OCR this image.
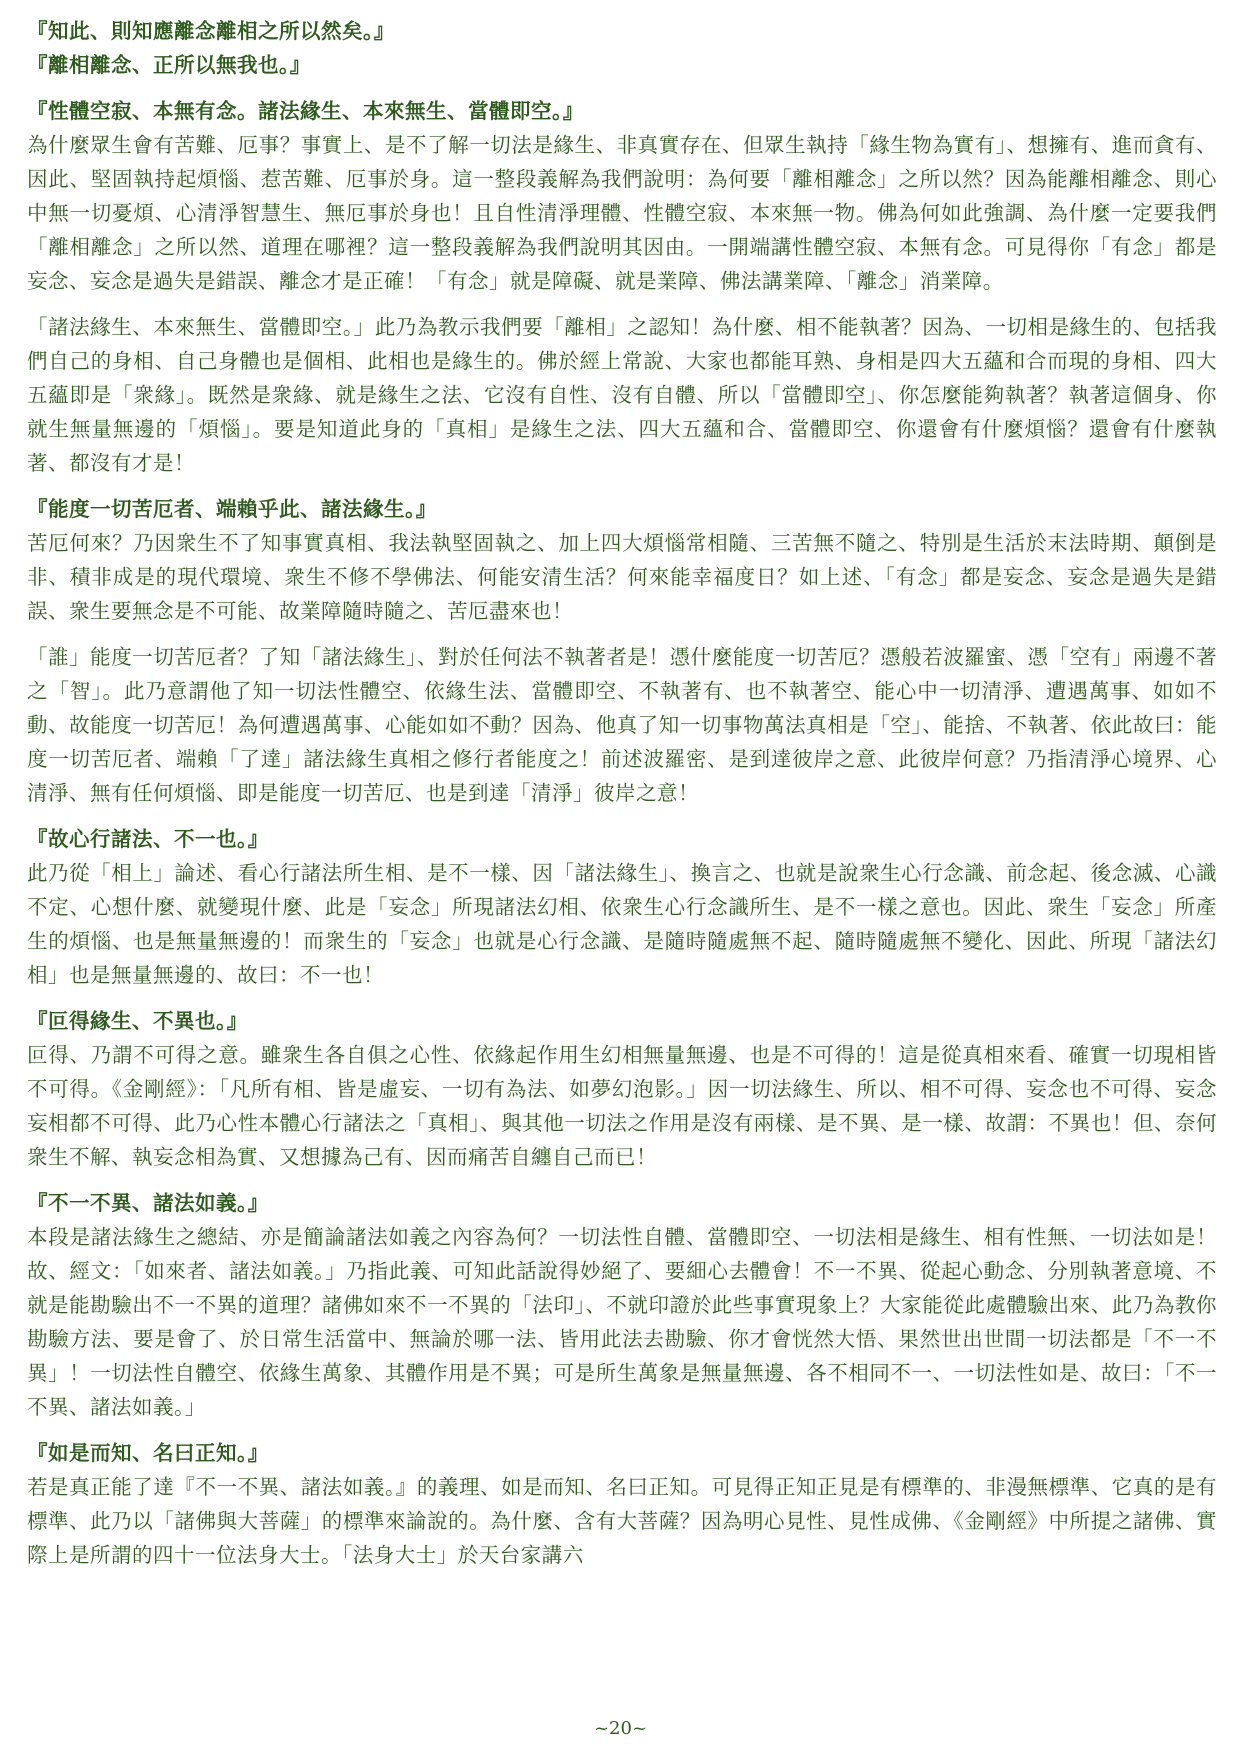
『知此、則知應離念離相之所以然矣。』
『離相離念、正所以無我也。』
『性體空寂、本無有念。諸法緣生、本來無生、當體即空。』

為什麼眾生會有苦難、厄事？事實上、是不了解一切法是緣生、非真實存在、但眾生執持「緣生物為實有」、想擁有、進而貪有、因此、堅固執持起煩惱、惹苦難、厄事於身。這一整段義解為我們說明：為何要「離相離念」之所以然？因為能離相離念、則心中無一切憂煩、心清淨智慧生、無厄事於身也！且自性清淨理體、性體空寂、本來無一物。佛為何如此強調、為什麼一定要我們「離相離念」之所以然、道理在哪裡？這一整段義解為我們說明其因由。一開端講性體空寂、本無有念。可見得你「有念」都是妄念、妄念是過失是錯誤、離念才是正確！「有念」就是障礙、就是業障、佛法講業障、「離念」消業障。

「諸法緣生、本來無生、當體即空。」此乃為教示我們要「離相」之認知！為什麼、相不能執著？因為、一切相是緣生的、包括我們自己的身相、自己身體也是個相、此相也是緣生的。佛於經上常說、大家也都能耳熟、身相是四大五蘊和合而現的身相、四大五蘊即是「衆緣」。既然是衆緣、就是緣生之法、它沒有自性、沒有自體、所以「當體即空」、你怎麼能夠執著？執著這個身、你就生無量無邊的「煩惱」。要是知道此身的「真相」是緣生之法、四大五蘊和合、當體即空、你還會有什麼煩惱？還會有什麼執著、都沒有才是！

『能度一切苦厄者、端賴乎此、諸法緣生。』

苦厄何來？乃因衆生不了知事實真相、我法執堅固執之、加上四大煩惱常相隨、三苦無不隨之、特別是生活於末法時期、顛倒是非、積非成是的現代環境、衆生不修不學佛法、何能安清生活？何來能幸福度日？如上述、「有念」都是妄念、妄念是過失是錯誤、衆生要無念是不可能、故業障隨時隨之、苦厄盡來也！

「誰」能度一切苦厄者？了知「諸法緣生」、對於任何法不執著者是！憑什麼能度一切苦厄？憑般若波羅蜜、憑「空有」兩邊不著之「智」。此乃意謂他了知一切法性體空、依緣生法、當體即空、不執著有、也不執著空、能心中一切清淨、遭遇萬事、如如不動、故能度一切苦厄！為何遭遇萬事、心能如如不動？因為、他真了知一切事物萬法真相是「空」、能捨、不執著、依此故曰：能度一切苦厄者、端賴「了達」諸法緣生真相之修行者能度之！前述波羅密、是到達彼岸之意、此彼岸何意？乃指清淨心境界、心清淨、無有任何煩惱、即是能度一切苦厄、也是到達「清淨」彼岸之意！

『故心行諸法、不一也。』

此乃從「相上」論述、看心行諸法所生相、是不一樣、因「諸法緣生」、換言之、也就是說衆生心行念識、前念起、後念滅、心識不定、心想什麼、就變現什麼、此是「妄念」所現諸法幻相、依衆生心行念識所生、是不一樣之意也。因此、衆生「妄念」所產生的煩惱、也是無量無邊的！而衆生的「妄念」也就是心行念識、是隨時隨處無不起、隨時隨處無不變化、因此、所現「諸法幻相」也是無量無邊的、故曰：不一也！

『叵得緣生、不異也。』

叵得、乃謂不可得之意。雖衆生各自俱之心性、依緣起作用生幻相無量無邊、也是不可得的！這是從真相來看、確實一切現相皆不可得。《金剛經》：「凡所有相、皆是虛妄、一切有為法、如夢幻泡影。」因一切法緣生、所以、相不可得、妄念也不可得、妄念妄相都不可得、此乃心性本體心行諸法之「真相」、與其他一切法之作用是沒有兩樣、是不異、是一樣、故謂：不異也！但、奈何衆生不解、執妄念相為實、又想據為己有、因而痛苦自纏自己而已！

『不一不異、諸法如義。』

本段是諸法緣生之總結、亦是簡論諸法如義之內容為何？一切法性自體、當體即空、一切法相是緣生、相有性無、一切法如是！故、經文：「如來者、諸法如義。」乃指此義、可知此話說得妙絕了、要細心去體會！不一不異、從起心動念、分別執著意境、不就是能勘驗出不一不異的道理？諸佛如來不一不異的「法印」、不就印證於此些事實現象上？大家能從此處體驗出來、此乃為教你勘驗方法、要是會了、於日常生活當中、無論於哪一法、皆用此法去勘驗、你才會恍然大悟、果然世出世間一切法都是「不一不異」！一切法性自體空、依緣生萬象、其體作用是不異；可是所生萬象是無量無邊、各不相同不一、一切法性如是、故曰：「不一不異、諸法如義。」

『如是而知、名曰正知。』

若是真正能了達『不一不異、諸法如義。』的義理、如是而知、名曰正知。可見得正知正見是有標準的、非漫無標準、它真的是有標準、此乃以「諸佛與大菩薩」的標準來論說的。為什麼、含有大菩薩？因為明心見性、見性成佛、《金剛經》中所提之諸佛、實際上是所謂的四十一位法身大士。「法身大士」於天台家講六

~20~
